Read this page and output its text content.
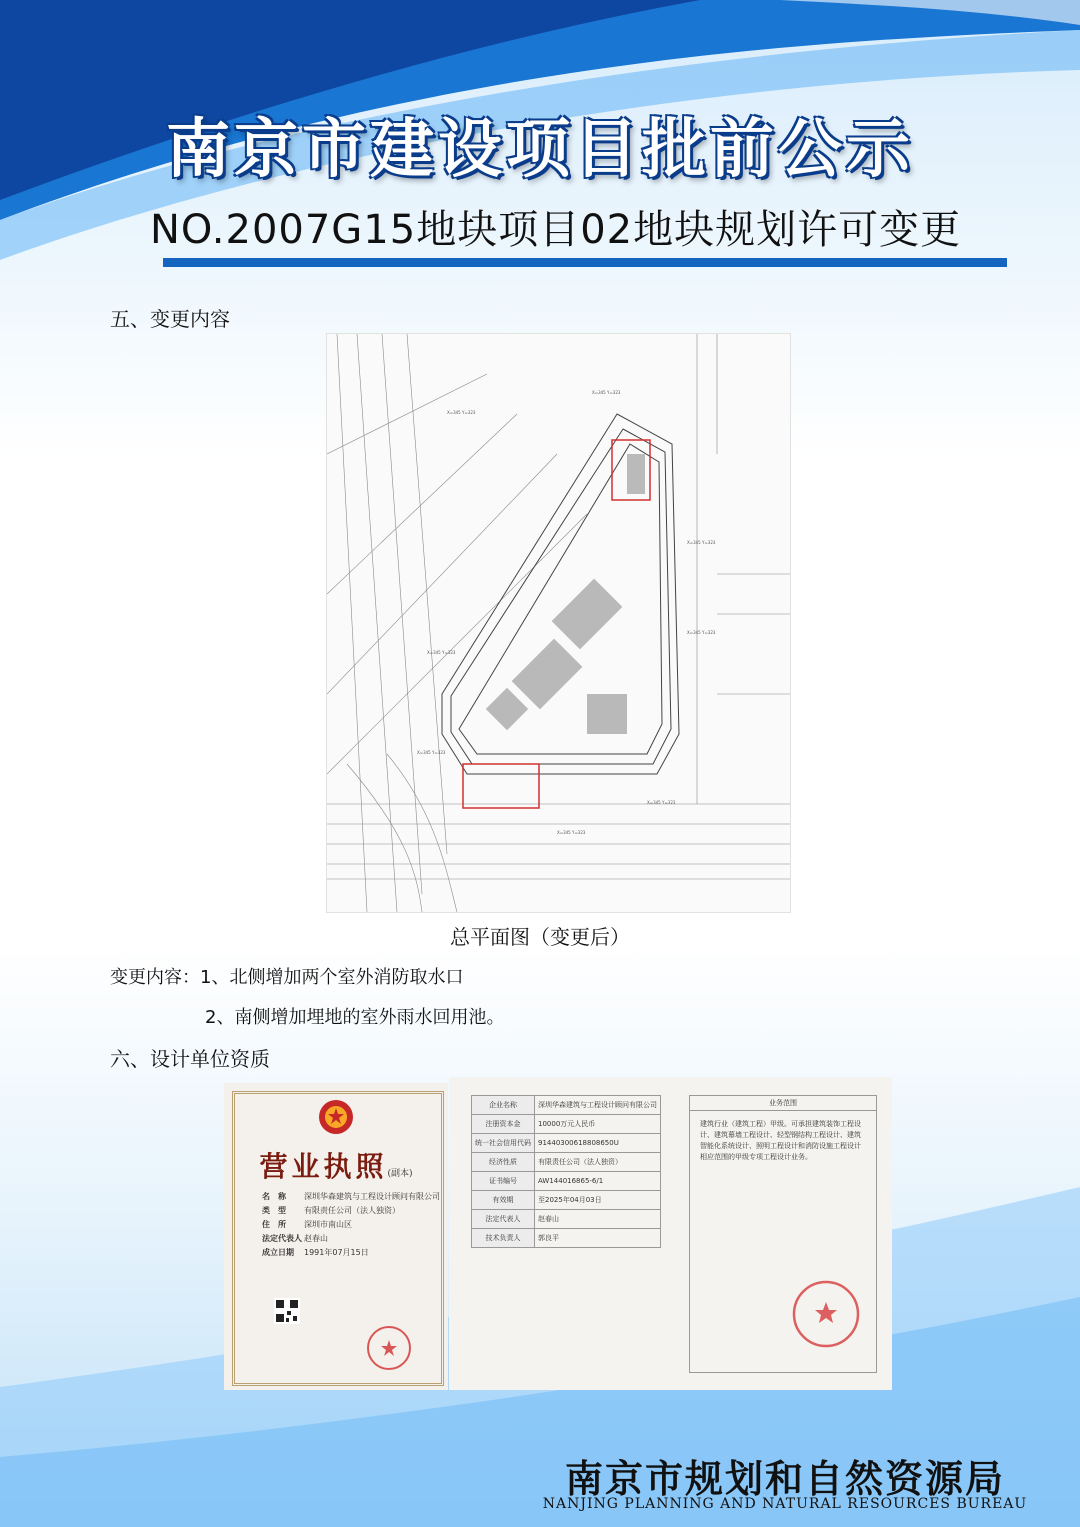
南京市建设项目批前公示
NO.2007G15地块项目02地块规划许可变更
五、变更内容
X=345 Y=323
X=345 Y=323
X=345 Y=323
X=345 Y=323
X=345 Y=323
X=345 Y=323
X=345 Y=323
X=345 Y=323
总平面图（变更后）
变更内容：1、北侧增加两个室外消防取水口
2、南侧增加埋地的室外雨水回用池。
六、设计单位资质
营业执照(副本)
名　称 深圳华森建筑与工程设计顾问有限公司
类　型 有限责任公司（法人独资）
住　所 深圳市南山区
法定代表人 赵春山
成立日期 1991年07月15日
企业名称	深圳华森建筑与工程设计顾问有限公司
注册资本金	10000万元人民币
统一社会信用代码	91440300618808650U
经济性质	有限责任公司（法人独资）
证书编号	AW144016865-6/1
有效期	至2025年04月03日
法定代表人	赵春山
技术负责人	郭良平
业务范围
建筑行业（建筑工程）甲级。可承担建筑装饰工程设计、建筑幕墙工程设计、轻型钢结构工程设计、建筑智能化系统设计、照明工程设计和消防设施工程设计相应范围的甲级专项工程设计业务。
南京市规划和自然资源局
NANJING PLANNING AND NATURAL RESOURCES BUREAU
